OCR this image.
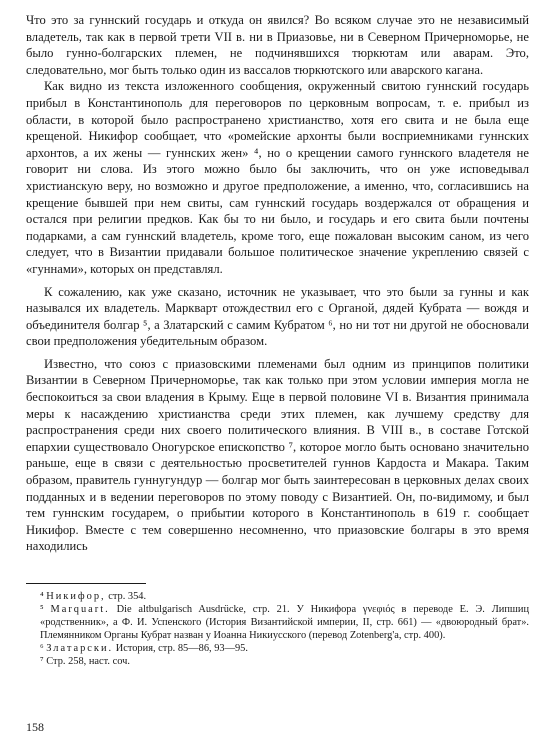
Что это за гуннский государь и откуда он явился? Во всяком случае это не независимый владетель, так как в первой трети VII в. ни в Приазовье, ни в Северном Причерноморье, не было гунно-болгарских племен, не подчинявшихся тюркютам или аварам. Это, следовательно, мог быть только один из вассалов тюркютского или аварского кагана.

Как видно из текста изложенного сообщения, окруженный свитою гуннский государь прибыл в Константинополь для переговоров по церковным вопросам, т. е. прибыл из области, в которой было распространено христианство, хотя его свита и не была еще крещеной. Никифор сообщает, что «ромейские архонты были восприемниками гуннских архонтов, а их жены — гуннских жен» ⁴, но о крещении самого гуннского владетеля не говорит ни слова. Из этого можно было бы заключить, что он уже исповедывал христианскую веру, но возможно и другое предположение, а именно, что, согласившись на крещение бывшей при нем свиты, сам гуннский государь воздержался от обращения и остался при религии предков. Как бы то ни было, и государь и его свита были почтены подарками, а сам гуннский владетель, кроме того, еще пожалован высоким саном, из чего следует, что в Византии придавали большое политическое значение укреплению связей с «гуннами», которых он представлял.

К сожалению, как уже сказано, источник не указывает, что это были за гунны и как назывался их владетель. Маркварт отождествил его с Органой, дядей Кубрата — вождя и объединителя болгар ⁵, а Златарский с самим Кубратом ⁶, но ни тот ни другой не обосновали свои предположения убедительным образом.

Известно, что союз с приазовскими племенами был одним из принципов политики Византии в Северном Причерноморье, так как только при этом условии империя могла не беспокоиться за свои владения в Крыму. Еще в первой половине VI в. Византия принимала меры к насаждению христианства среди этих племен, как лучшему средству для распространения среди них своего политического влияния. В VIII в., в составе Готской епархии существовало Оногурское епископство ⁷, которое могло быть основано значительно раньше, еще в связи с деятельностью просветителей гуннов Кардоста и Макара. Таким образом, правитель гуннугундур — болгар мог быть заинтересован в церковных делах своих подданных и в ведении переговоров по этому поводу с Византией. Он, по-видимому, и был тем гуннским государем, о прибытии которого в Константинополь в 619 г. сообщает Никифор. Вместе с тем совершенно несомненно, что приазовские болгары в это время находились

⁴ Никифор, стр. 354.

⁵ Marquart. Die altbulgarisch Ausdrücke, стр. 21. У Никифора γνεφιός в переводе Е. Э. Липшиц «родственник», а Ф. И. Успенского (История Византийской империи, II, стр. 661) — «двоюродный брат». Племянником Органы Кубрат назван у Иоанна Никиусского (перевод Zotenberg'a, стр. 400).

⁶ Златарски. История, стр. 85—86, 93—95.

⁷ Стр. 258, наст. соч.

158
